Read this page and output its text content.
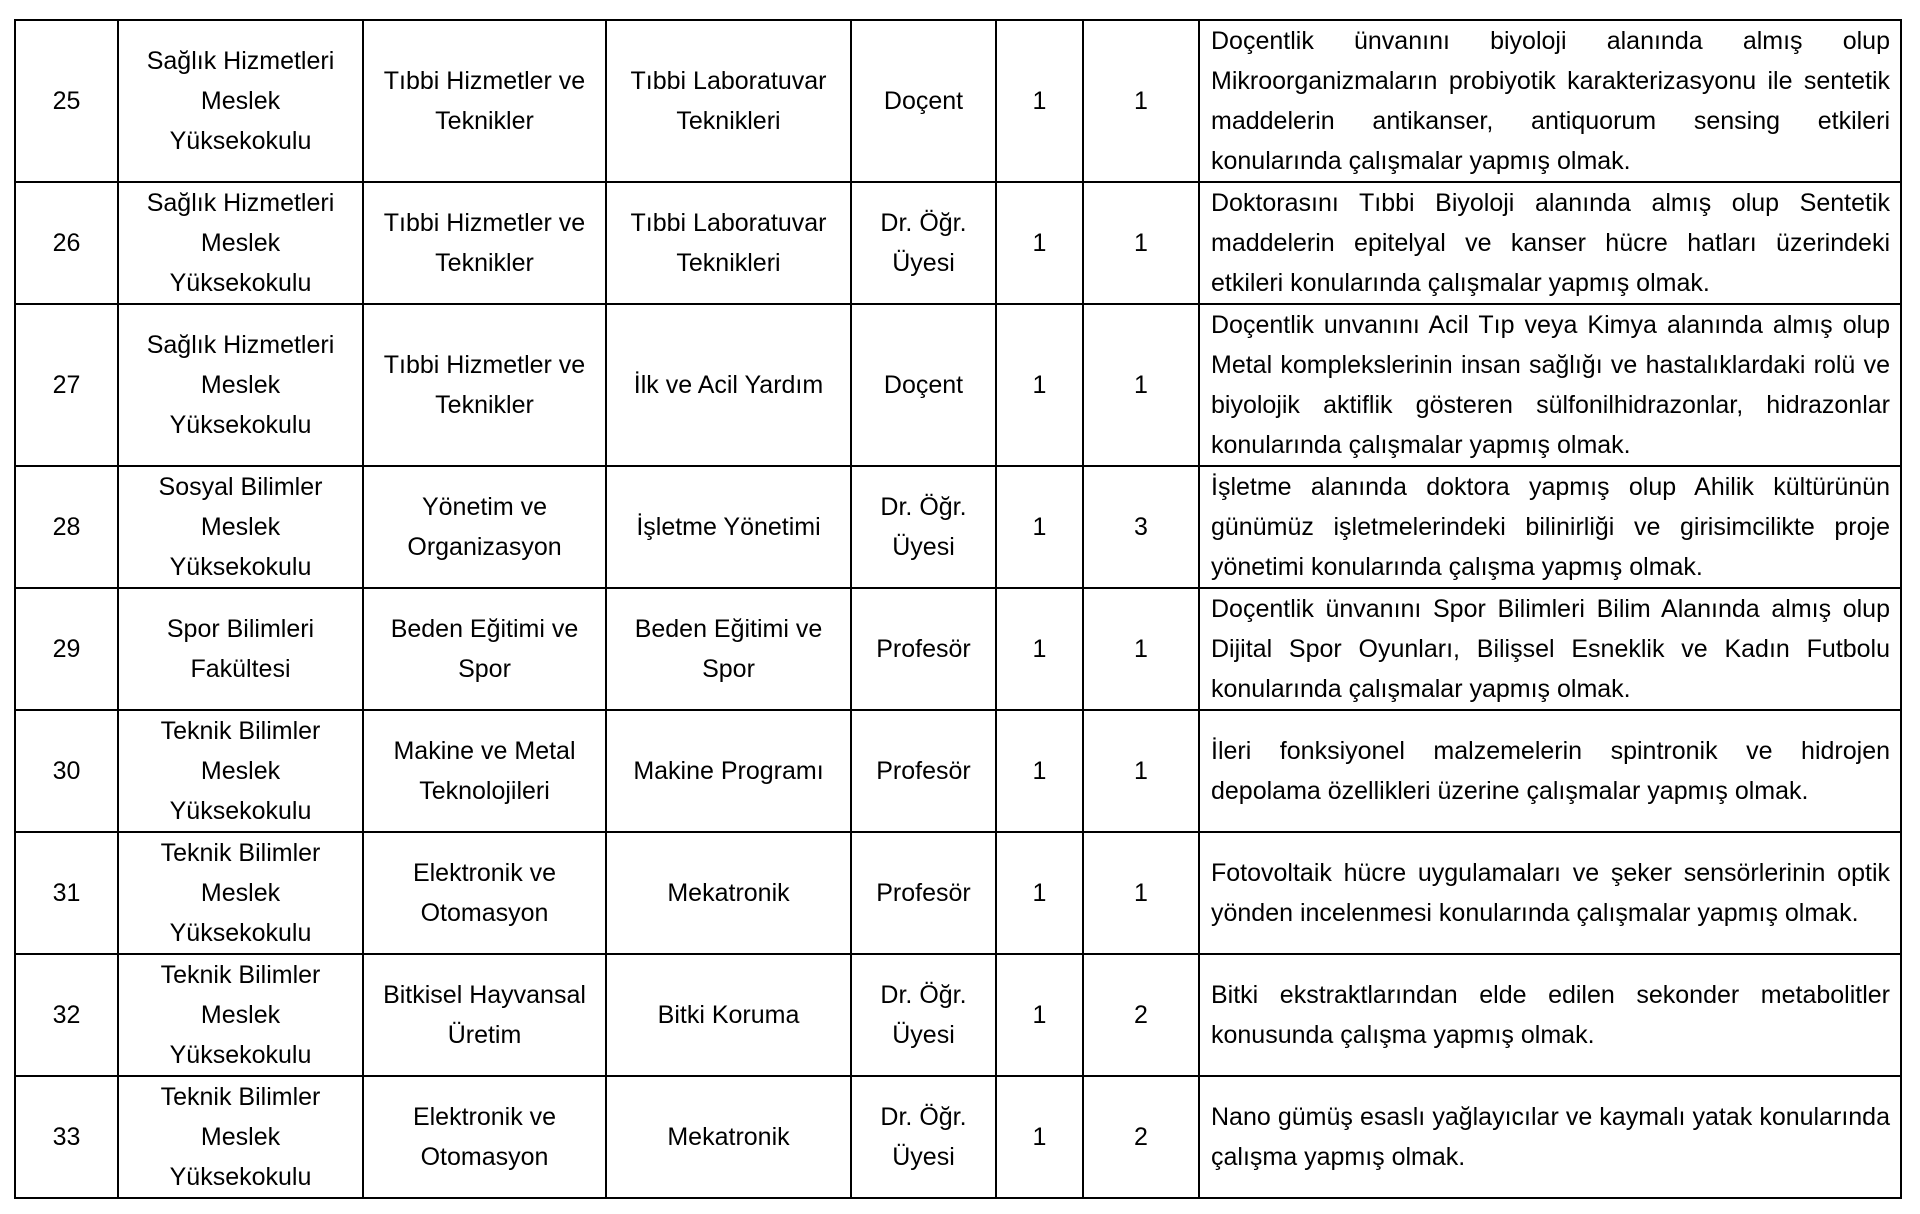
25	Sağlık Hizmetleri Meslek Yüksekokulu	Tıbbi Hizmetler ve Teknikler	Tıbbi Laboratuvar Teknikleri	Doçent	1	1	Doçentlik ünvanını biyoloji alanında almış olup Mikroorganizmaların probiyotik karakterizasyonu ile sentetik maddelerin antikanser, antiquorum sensing etkileri konularında çalışmalar yapmış olmak.
26	Sağlık Hizmetleri Meslek Yüksekokulu	Tıbbi Hizmetler ve Teknikler	Tıbbi Laboratuvar Teknikleri	Dr. Öğr. Üyesi	1	1	Doktorasını Tıbbi Biyoloji alanında almış olup Sentetik maddelerin epitelyal ve kanser hücre hatları üzerindeki etkileri konularında çalışmalar yapmış olmak.
27	Sağlık Hizmetleri Meslek Yüksekokulu	Tıbbi Hizmetler ve Teknikler	İlk ve Acil Yardım	Doçent	1	1	Doçentlik unvanını Acil Tıp veya Kimya alanında almış olup Metal komplekslerinin insan sağlığı ve hastalıklardaki rolü ve biyolojik aktiflik gösteren sülfonilhidrazonlar, hidrazonlar konularında çalışmalar yapmış olmak.
28	Sosyal Bilimler Meslek Yüksekokulu	Yönetim ve Organizasyon	İşletme Yönetimi	Dr. Öğr. Üyesi	1	3	İşletme alanında doktora yapmış olup Ahilik kültürünün günümüz işletmelerindeki bilinirliği ve girisimcilikte proje yönetimi konularında çalışma yapmış olmak.
29	Spor Bilimleri Fakültesi	Beden Eğitimi ve Spor	Beden Eğitimi ve Spor	Profesör	1	1	Doçentlik ünvanını Spor Bilimleri Bilim Alanında almış olup Dijital Spor Oyunları, Bilişsel Esneklik ve Kadın Futbolu konularında çalışmalar yapmış olmak.
30	Teknik Bilimler Meslek Yüksekokulu	Makine ve Metal Teknolojileri	Makine Programı	Profesör	1	1	İleri fonksiyonel malzemelerin spintronik ve hidrojen depolama özellikleri üzerine çalışmalar yapmış olmak.
31	Teknik Bilimler Meslek Yüksekokulu	Elektronik ve Otomasyon	Mekatronik	Profesör	1	1	Fotovoltaik hücre uygulamaları ve şeker sensörlerinin optik yönden incelenmesi konularında çalışmalar yapmış olmak.
32	Teknik Bilimler Meslek Yüksekokulu	Bitkisel Hayvansal Üretim	Bitki Koruma	Dr. Öğr. Üyesi	1	2	Bitki ekstraktlarından elde edilen sekonder metabolitler konusunda çalışma yapmış olmak.
33	Teknik Bilimler Meslek Yüksekokulu	Elektronik ve Otomasyon	Mekatronik	Dr. Öğr. Üyesi	1	2	Nano gümüş esaslı yağlayıcılar ve kaymalı yatak konularında çalışma yapmış olmak.
